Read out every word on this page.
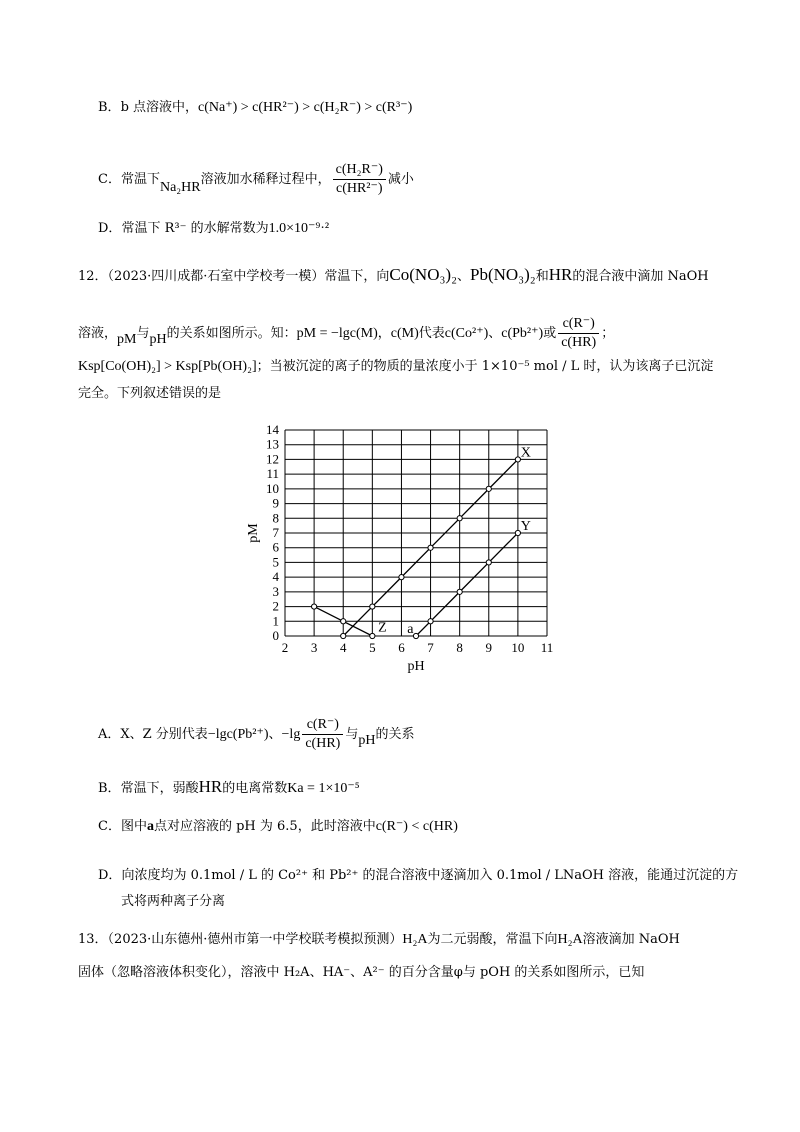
B．b 点溶液中，c(Na⁺) > c(HR²⁻) > c(H₂R⁻) > c(R³⁻)
C．常温下Na₂HR溶液加水稀释过程中， $\frac{\text{c(H₂R⁻)}}{\text{c(HR²⁻)}}$ 减小
D．常温下 R³⁻ 的水解常数为1.0×10⁻⁹·²
12．（2023·四川成都·石室中学校考一模）常温下，向Co(NO₃)₂、Pb(NO₃)₂和HR的混合液中滴加 NaOH
溶液，pM与pH的关系如图所示。知：pM = −lgc(M)，c(M)代表c(Co²⁺)、c(Pb²⁺)或 $\frac{c(R^-)}{c(HR)}$ ；
Ksp[Co(OH)₂] > Ksp[Pb(OH)₂]；当被沉淀的离子的物质的量浓度小于 1×10⁻⁵ mol / L 时，认为该离子已沉淀
完全。下列叙述错误的是
2 3 4 5 6 7 8 9 10 11
0
1
2
3
4
5
6
7
8
9
10
11
12
13
14
X
Y
Z a
pH
pM
A．X、Z 分别代表−lgc(Pb²⁺)、$-\lg \frac{c(R^-)}{c(HR)}$ 与pH的关系
B．常温下，弱酸HR的电离常数Ka = 1×10⁻⁵
C．图中a点对应溶液的 pH 为 6.5，此时溶液中c(R⁻) < c(HR)
D．向浓度均为 0.1mol / L 的 Co²⁺ 和 Pb²⁺ 的混合溶液中逐滴加入 0.1mol / LNaOH 溶液，能通过沉淀的方
式将两种离子分离
13．（2023·山东德州·德州市第一中学校联考模拟预测）H₂A为二元弱酸，常温下向H₂A溶液滴加 NaOH
固体（忽略溶液体积变化），溶液中 H₂A、HA⁻、A²⁻ 的百分含量φ与 pOH 的关系如图所示，已知
